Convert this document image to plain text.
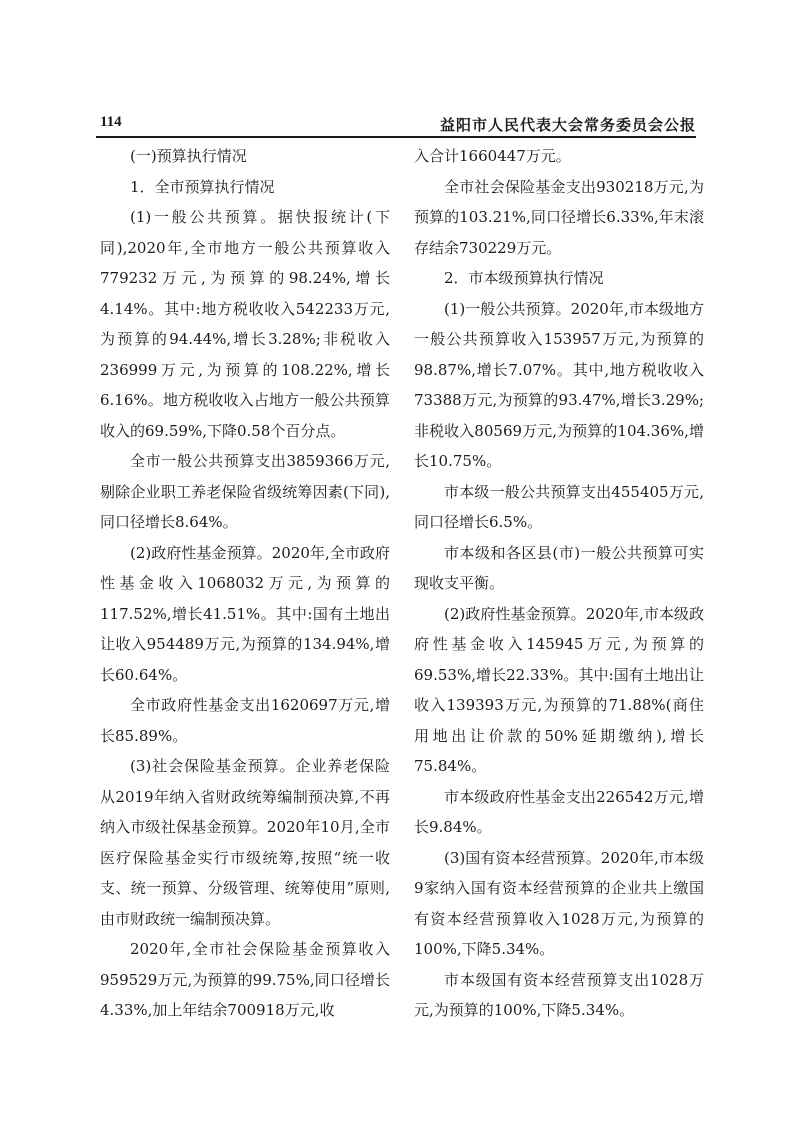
114	益阳市人民代表大会常务委员会公报

(一)预算执行情况

1．全市预算执行情况

(1)一般公共预算。据快报统计(下同),2020年,全市地方一般公共预算收入779232万元,为预算的98.24%,增长4.14%。其中:地方税收收入542233万元,为预算的94.44%,增长3.28%;非税收入236999万元,为预算的108.22%,增长6.16%。地方税收收入占地方一般公共预算收入的69.59%,下降0.58个百分点。

全市一般公共预算支出3859366万元,剔除企业职工养老保险省级统筹因素(下同),同口径增长8.64%。

(2)政府性基金预算。2020年,全市政府性基金收入1068032万元,为预算的117.52%,增长41.51%。其中:国有土地出让收入954489万元,为预算的134.94%,增长60.64%。

全市政府性基金支出1620697万元,增长85.89%。

(3)社会保险基金预算。企业养老保险从2019年纳入省财政统筹编制预决算,不再纳入市级社保基金预算。2020年10月,全市医疗保险基金实行市级统筹,按照“统一收支、统一预算、分级管理、统筹使用”原则,由市财政统一编制预决算。

2020年,全市社会保险基金预算收入959529万元,为预算的99.75%,同口径增长4.33%,加上年结余700918万元,收

入合计1660447万元。

全市社会保险基金支出930218万元,为预算的103.21%,同口径增长6.33%,年末滚存结余730229万元。

2．市本级预算执行情况

(1)一般公共预算。2020年,市本级地方一般公共预算收入153957万元,为预算的98.87%,增长7.07%。其中,地方税收收入73388万元,为预算的93.47%,增长3.29%;非税收入80569万元,为预算的104.36%,增长10.75%。

市本级一般公共预算支出455405万元,同口径增长6.5%。

市本级和各区县(市)一般公共预算可实现收支平衡。

(2)政府性基金预算。2020年,市本级政府性基金收入145945万元,为预算的69.53%,增长22.33%。其中:国有土地出让收入139393万元,为预算的71.88%(商住用地出让价款的50%延期缴纳),增长75.84%。

市本级政府性基金支出226542万元,增长9.84%。

(3)国有资本经营预算。2020年,市本级9家纳入国有资本经营预算的企业共上缴国有资本经营预算收入1028万元,为预算的100%,下降5.34%。

市本级国有资本经营预算支出1028万元,为预算的100%,下降5.34%。
